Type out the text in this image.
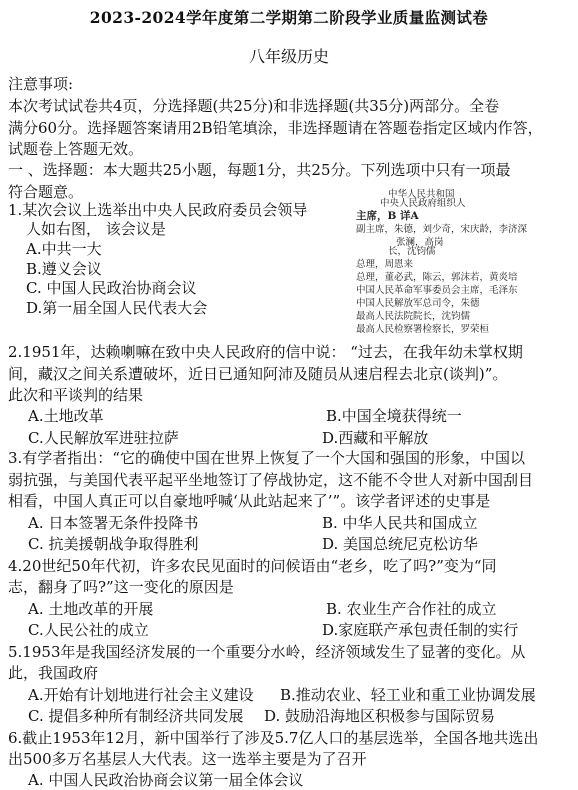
2023-2024学年度第二学期第二阶段学业质量监测试卷
八年级历史
注意事项:
本次考试试卷共4页，分选择题(共25分)和非选择题(共35分)两部分。全卷
满分60分。选择题答案请用2B铅笔填涂，非选择题请在答题卷指定区域内作答，
试题卷上答题无效。
一 、选择题：本大题共25小题，每题1分，共25分。下列选项中只有一项最
符合题意。
1.某次会议上选举出中央人民政府委员会领导
人如右图， 该会议是
A.中共一大
B.遵义会议
C. 中国人民政治协商会议
D.第一届全国人民代表大会
中华人民共和国
中央人民政府组织人
主席，B 详A
副主席，朱德，刘少奇，宋庆龄，李济深
张澜，高岗
长，沈钧儒
总理，周恩来
总理，董必武，陈云，郭沫若，黄炎培
中国人民革命军事委员会主席，毛泽东
中国人民解放军总司令，朱德
最高人民法院院长，沈钧儒
最高人民检察署检察长，罗荣桓
2.1951年，达赖喇嘛在致中央人民政府的信中说： “过去，在我年幼未掌权期
间，藏汉之间关系遭破坏，近日已通知阿沛及随员从速启程去北京(谈判)”。
此次和平谈判的结果
A.土地改革	B.中国全境获得统一
C.人民解放军进驻拉萨	D.西藏和平解放
3.有学者指出：“它的确使中国在世界上恢复了一个大国和强国的形象，中国以
弱抗强，与美国代表平起平坐地签订了停战协定，这不能不令世人对新中国刮目
相看，中国人真正可以自豪地呼喊‘从此站起来了’”。该学者评述的史事是
A. 日本签署无条件投降书	B. 中华人民共和国成立
C. 抗美援朝战争取得胜利	D. 美国总统尼克松访华
4.20世纪50年代初，许多农民见面时的问候语由“老乡，吃了吗?”变为“同
志，翻身了吗?”这一变化的原因是
A. 土地改革的开展	B. 农业生产合作社的成立
C.人民公社的成立	D.家庭联产承包责任制的实行
5.1953年是我国经济发展的一个重要分水岭，经济领域发生了显著的变化。从
此，我国政府
A.开始有计划地进行社会主义建设 B.推动农业、轻工业和重工业协调发展
C. 提倡多种所有制经济共同发展 D. 鼓励沿海地区积极参与国际贸易
6.截止1953年12月，新中国举行了涉及5.7亿人口的基层选举，全国各地共选出
出500多万名基层人大代表。这一选举主要是为了召开
A. 中国人民政治协商会议第一届全体会议
